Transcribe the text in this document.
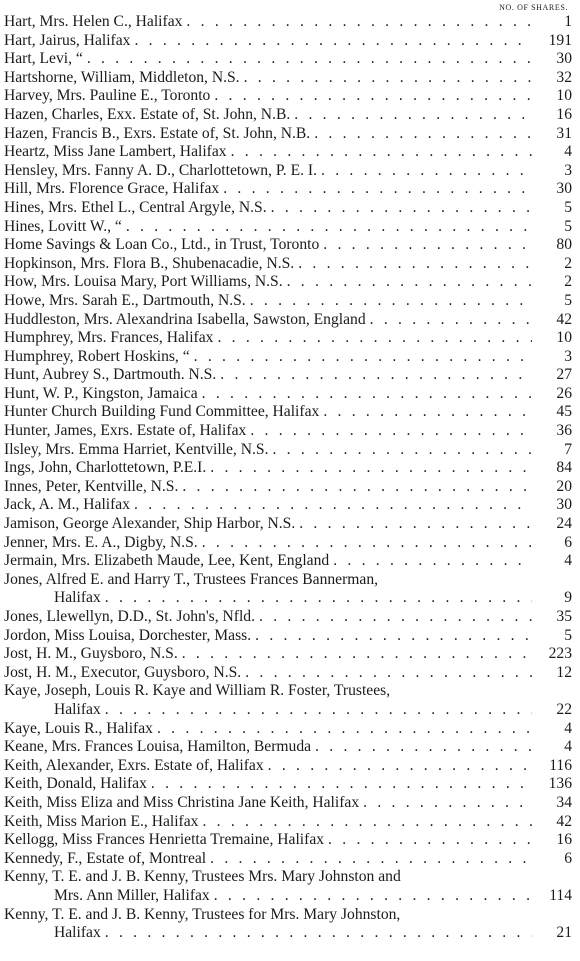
NO. OF SHARES.
Hart, Mrs. Helen C., Halifax . . .	1
Hart, Jairus, Halifax . . .	191
Hart, Levi, “ . . .	30
Hartshorne, William, Middleton, N.S. . . .	32
Harvey, Mrs. Pauline E., Toronto . . .	10
Hazen, Charles, Exx. Estate of, St. John, N.B. . . .	16
Hazen, Francis B., Exrs. Estate of, St. John, N.B. . . .	31
Heartz, Miss Jane Lambert, Halifax . . .	4
Hensley, Mrs. Fanny A. D., Charlottetown, P. E. I. . . .	3
Hill, Mrs. Florence Grace, Halifax . . .	30
Hines, Mrs. Ethel L., Central Argyle, N.S. . . .	5
Hines, Lovitt W., “ . . .	5
Home Savings & Loan Co., Ltd., in Trust, Toronto . . .	80
Hopkinson, Mrs. Flora B., Shubenacadie, N.S. . . .	2
How, Mrs. Louisa Mary, Port Williams, N.S. . . .	2
Howe, Mrs. Sarah E., Dartmouth, N.S. . . .	5
Huddleston, Mrs. Alexandrina Isabella, Sawston, England . . .	42
Humphrey, Mrs. Frances, Halifax . . .	10
Humphrey, Robert Hoskins, “ . . .	3
Hunt, Aubrey S., Dartmouth. N.S. . . .	27
Hunt, W. P., Kingston, Jamaica . . .	26
Hunter Church Building Fund Committee, Halifax . . .	45
Hunter, James, Exrs. Estate of, Halifax . . .	36
Ilsley, Mrs. Emma Harriet, Kentville, N.S. . . .	7
Ings, John, Charlottetown, P.E.I. . . .	84
Innes, Peter, Kentville, N.S. . . .	20
Jack, A. M., Halifax . . .	30
Jamison, George Alexander, Ship Harbor, N.S. . . .	24
Jenner, Mrs. E. A., Digby, N.S. . . .	6
Jermain, Mrs. Elizabeth Maude, Lee, Kent, England . . .	4
Jones, Alfred E. and Harry T., Trustees Frances Bannerman,
Halifax . . .	9
Jones, Llewellyn, D.D., St. John's, Nfld. . . .	35
Jordon, Miss Louisa, Dorchester, Mass. . . .	5
Jost, H. M., Guysboro, N.S. . . .	223
Jost, H. M., Executor, Guysboro, N.S. . . .	12
Kaye, Joseph, Louis R. Kaye and William R. Foster, Trustees,
Halifax . . .	22
Kaye, Louis R., Halifax . . .	4
Keane, Mrs. Frances Louisa, Hamilton, Bermuda . . .	4
Keith, Alexander, Exrs. Estate of, Halifax . . .	116
Keith, Donald, Halifax . . .	136
Keith, Miss Eliza and Miss Christina Jane Keith, Halifax . . .	34
Keith, Miss Marion E., Halifax . . .	42
Kellogg, Miss Frances Henrietta Tremaine, Halifax . . .	16
Kennedy, F., Estate of, Montreal . . .	6
Kenny, T. E. and J. B. Kenny, Trustees Mrs. Mary Johnston and
Mrs. Ann Miller, Halifax . . .	114
Kenny, T. E. and J. B. Kenny, Trustees for Mrs. Mary Johnston,
Halifax . . .	21
